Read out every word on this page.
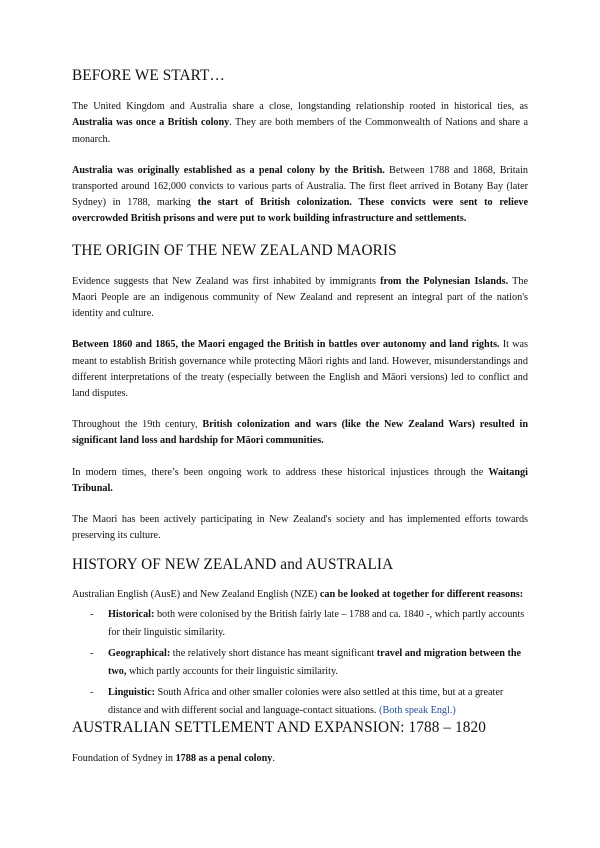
BEFORE WE START…

The United Kingdom and Australia share a close, longstanding relationship rooted in historical ties, as Australia was once a British colony. They are both members of the Commonwealth of Nations and share a monarch.

Australia was originally established as a penal colony by the British. Between 1788 and 1868, Britain transported around 162,000 convicts to various parts of Australia. The first fleet arrived in Botany Bay (later Sydney) in 1788, marking the start of British colonization. These convicts were sent to relieve overcrowded British prisons and were put to work building infrastructure and settlements.

THE ORIGIN OF THE NEW ZEALAND MAORIS

Evidence suggests that New Zealand was first inhabited by immigrants from the Polynesian Islands. The Maori People are an indigenous community of New Zealand and represent an integral part of the nation's identity and culture.

Between 1860 and 1865, the Maori engaged the British in battles over autonomy and land rights. It was meant to establish British governance while protecting Māori rights and land. However, misunderstandings and different interpretations of the treaty (especially between the English and Māori versions) led to conflict and land disputes.

Throughout the 19th century, British colonization and wars (like the New Zealand Wars) resulted in significant land loss and hardship for Māori communities.

In modern times, there’s been ongoing work to address these historical injustices through the Waitangi Tribunal.

The Maori has been actively participating in New Zealand's society and has implemented efforts towards preserving its culture.

HISTORY OF NEW ZEALAND and AUSTRALIA

Australian English (AusE) and New Zealand English (NZE) can be looked at together for different reasons:

- Historical: both were colonised by the British fairly late – 1788 and ca. 1840 -, which partly accounts for their linguistic similarity.
- Geographical: the relatively short distance has meant significant travel and migration between the two, which partly accounts for their linguistic similarity.
- Linguistic: South Africa and other smaller colonies were also settled at this time, but at a greater distance and with different social and language-contact situations. (Both speak Engl.)
AUSTRALIAN SETTLEMENT AND EXPANSION: 1788 – 1820

Foundation of Sydney in 1788 as a penal colony.
